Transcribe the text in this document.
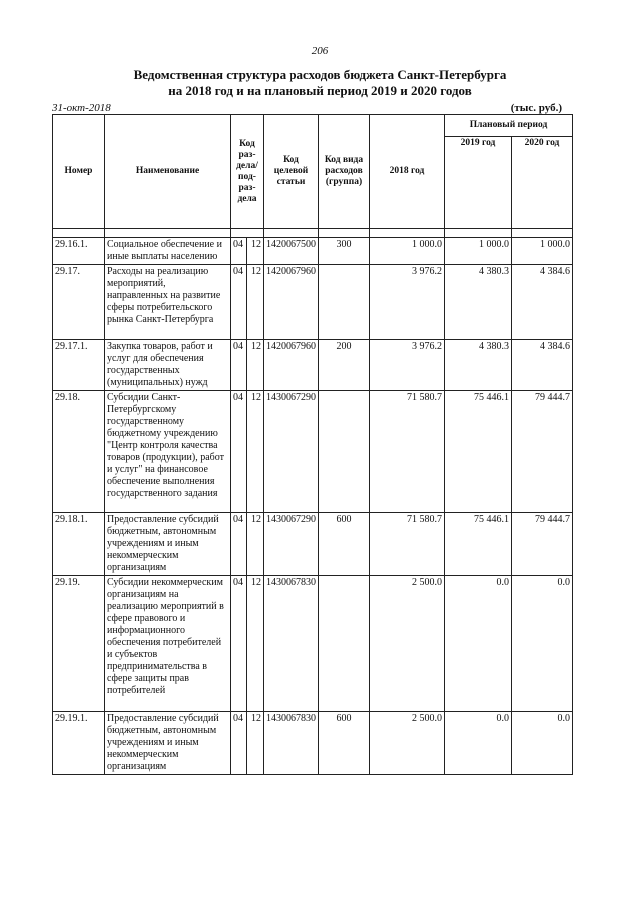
206
Ведомственная структура расходов бюджета Санкт-Петербурга
на 2018 год и на плановый период 2019 и 2020 годов
31-окт-2018	(тыс. руб.)
Номер	Наименование	Код раз-дела/ под-раз-дела		Код целевой статьи	Код вида расходов (группа)	2018 год	Плановый период	
							2019 год	2020 год

29.16.1.	Социальное обеспечение и иные выплаты населению	04	12	1420067500	300	1 000.0	1 000.0	1 000.0
29.17.	Расходы на реализацию мероприятий, направленных на развитие сферы потребительского рынка Санкт-Петербурга	04	12	1420067960		3 976.2	4 380.3	4 384.6
29.17.1.	Закупка товаров, работ и услуг для обеспечения государственных (муниципальных) нужд	04	12	1420067960	200	3 976.2	4 380.3	4 384.6
29.18.	Субсидии Санкт-Петербургскому государственному бюджетному учреждению "Центр контроля качества товаров (продукции), работ и услуг" на финансовое обеспечение выполнения государственного задания	04	12	1430067290		71 580.7	75 446.1	79 444.7
29.18.1.	Предоставление субсидий бюджетным, автономным учреждениям и иным некоммерческим организациям	04	12	1430067290	600	71 580.7	75 446.1	79 444.7
29.19.	Субсидии некоммерческим организациям на реализацию мероприятий в сфере правового и информационного обеспечения потребителей и субъектов предпринимательства в сфере защиты прав потребителей	04	12	1430067830		2 500.0	0.0	0.0
29.19.1.	Предоставление субсидий бюджетным, автономным учреждениям и иным некоммерческим организациям	04	12	1430067830	600	2 500.0	0.0	0.0
